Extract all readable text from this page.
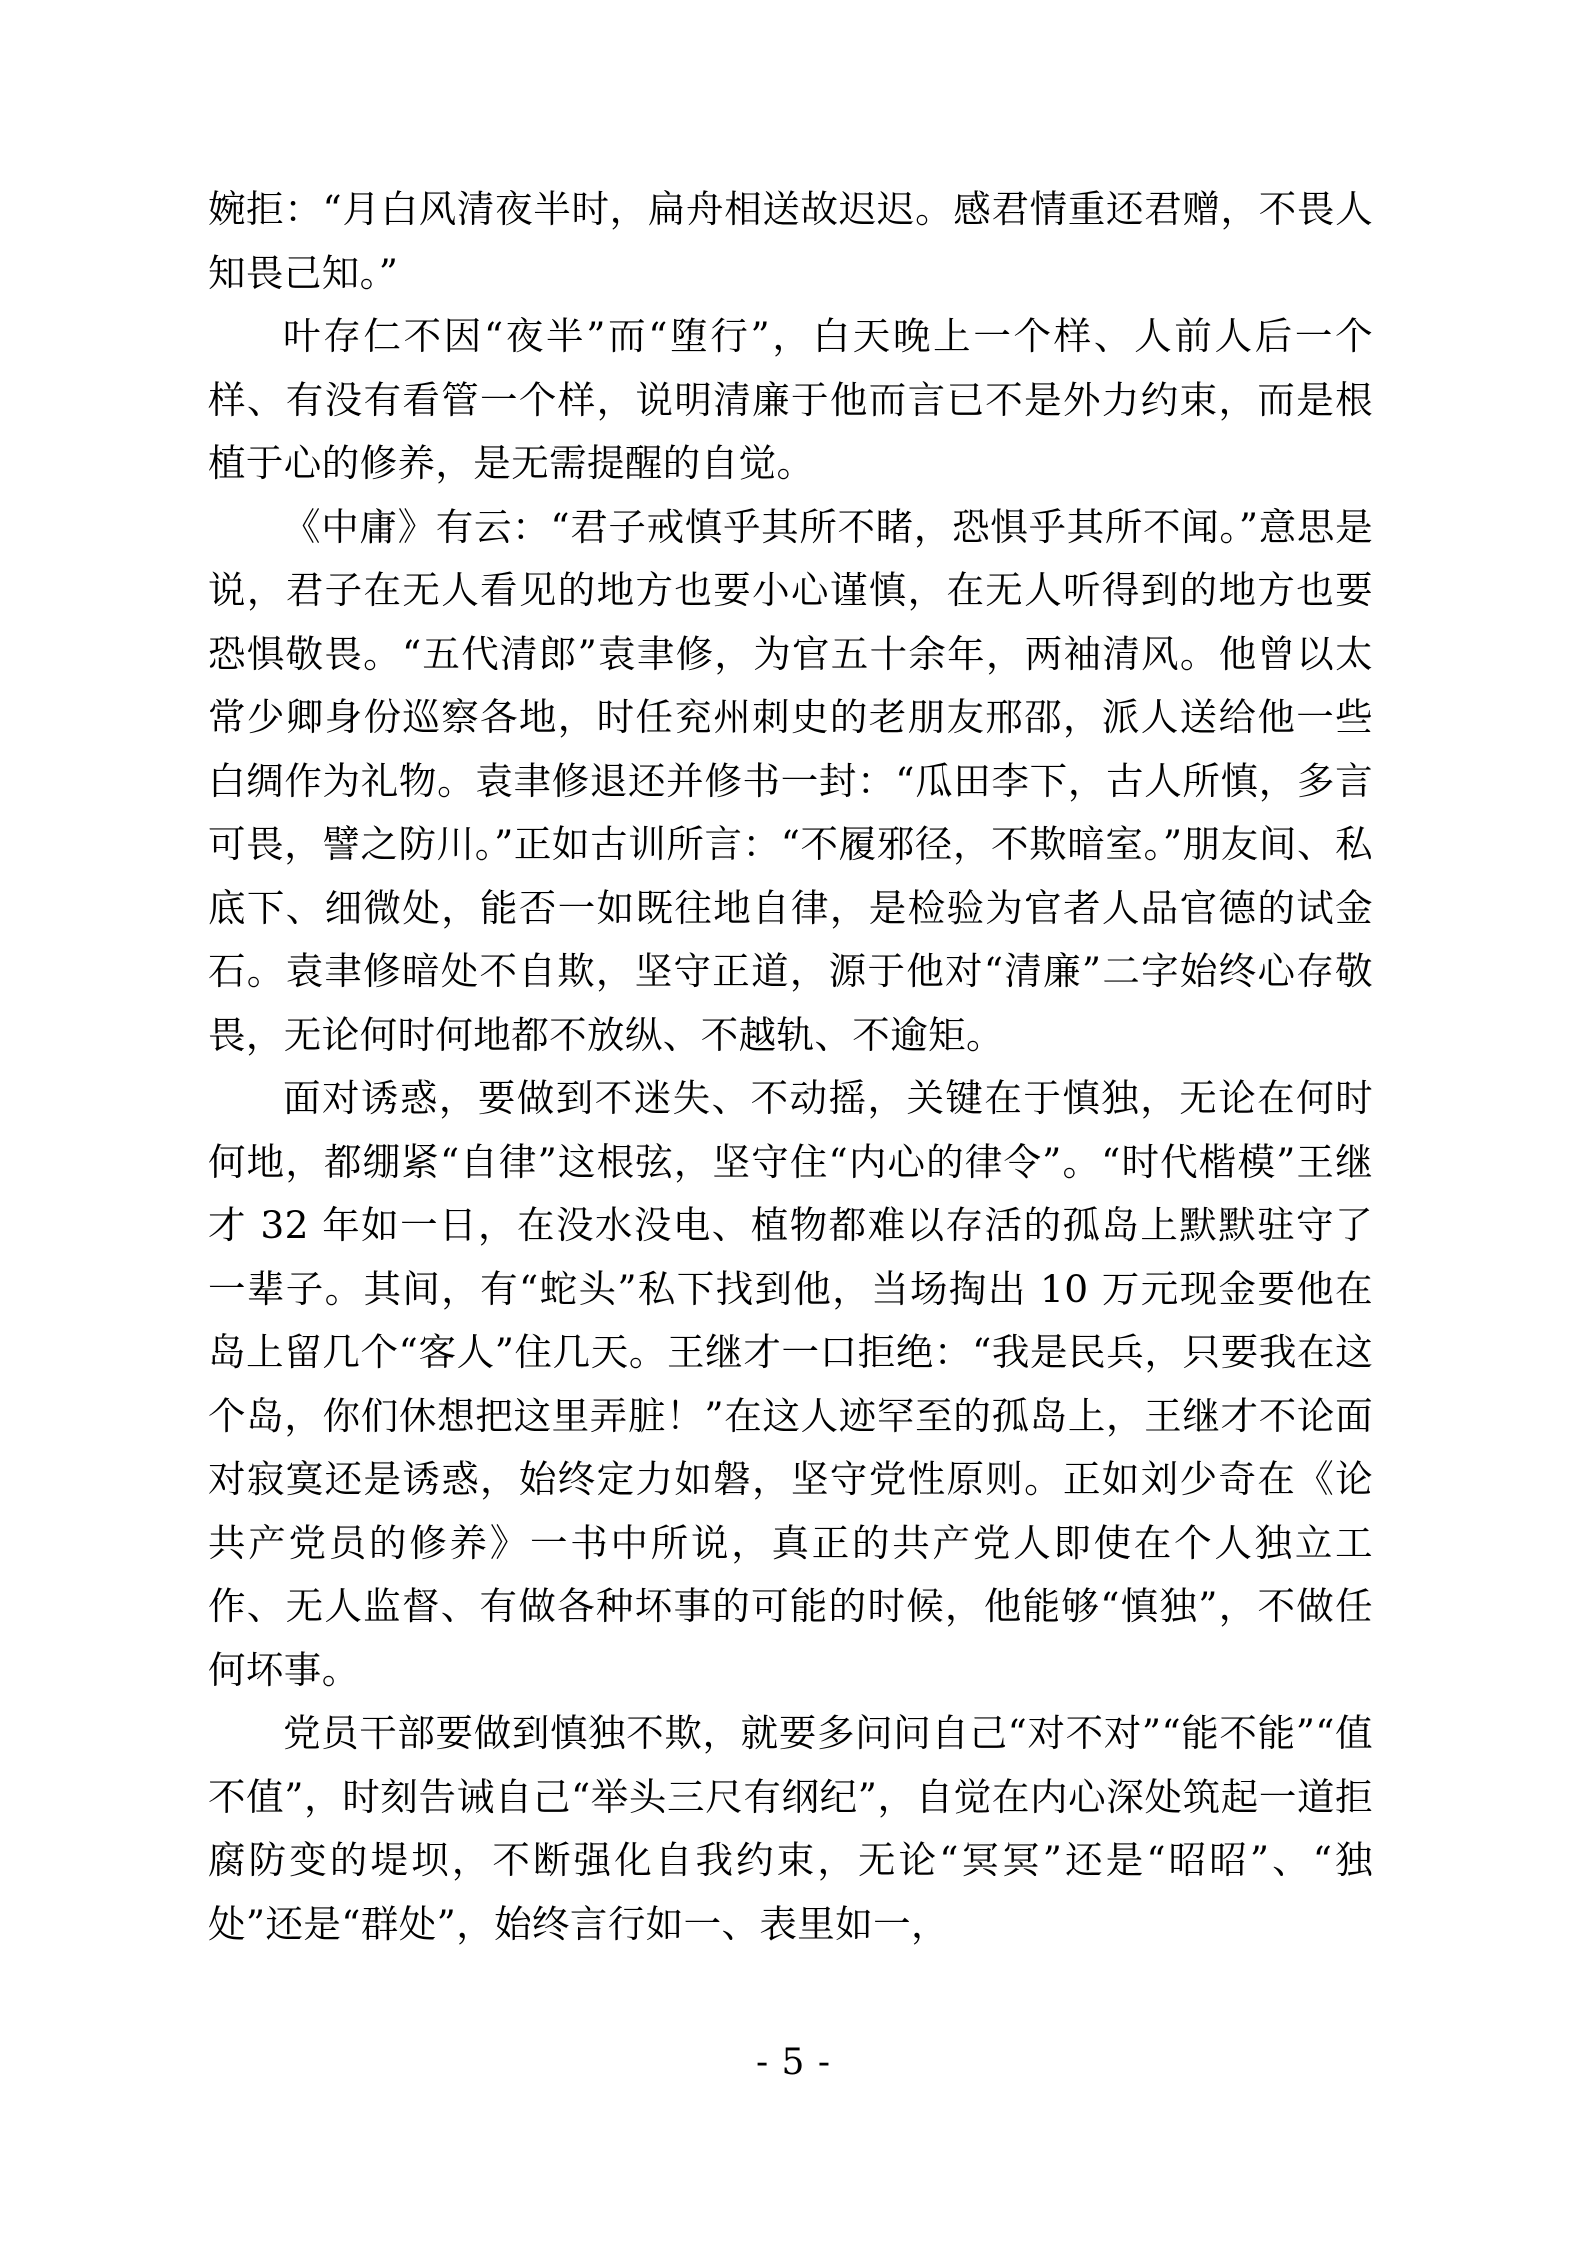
婉拒：“月白风清夜半时，扁舟相送故迟迟。感君情重还君赠，不畏人知畏己知。”

叶存仁不因“夜半”而“堕行”，白天晚上一个样、人前人后一个样、有没有看管一个样，说明清廉于他而言已不是外力约束，而是根植于心的修养，是无需提醒的自觉。

《中庸》有云：“君子戒慎乎其所不睹，恐惧乎其所不闻。”意思是说，君子在无人看见的地方也要小心谨慎，在无人听得到的地方也要恐惧敬畏。“五代清郎”袁聿修，为官五十余年，两袖清风。他曾以太常少卿身份巡察各地，时任兖州刺史的老朋友邢邵，派人送给他一些白绸作为礼物。袁聿修退还并修书一封：“瓜田李下，古人所慎，多言可畏，譬之防川。”正如古训所言：“不履邪径，不欺暗室。”朋友间、私底下、细微处，能否一如既往地自律，是检验为官者人品官德的试金石。袁聿修暗处不自欺，坚守正道，源于他对“清廉”二字始终心存敬畏，无论何时何地都不放纵、不越轨、不逾矩。

面对诱惑，要做到不迷失、不动摇，关键在于慎独，无论在何时何地，都绷紧“自律”这根弦，坚守住“内心的律令”。“时代楷模”王继才 32 年如一日，在没水没电、植物都难以存活的孤岛上默默驻守了一辈子。其间，有“蛇头”私下找到他，当场掏出 10 万元现金要他在岛上留几个“客人”住几天。王继才一口拒绝：“我是民兵，只要我在这个岛，你们休想把这里弄脏！”在这人迹罕至的孤岛上，王继才不论面对寂寞还是诱惑，始终定力如磐，坚守党性原则。正如刘少奇在《论共产党员的修养》一书中所说，真正的共产党人即使在个人独立工作、无人监督、有做各种坏事的可能的时候，他能够“慎独”，不做任何坏事。

党员干部要做到慎独不欺，就要多问问自己“对不对”“能不能”“值不值”，时刻告诫自己“举头三尺有纲纪”，自觉在内心深处筑起一道拒腐防变的堤坝，不断强化自我约束，无论“冥冥”还是“昭昭”、“独处”还是“群处”，始终言行如一、表里如一，

- 5 -
